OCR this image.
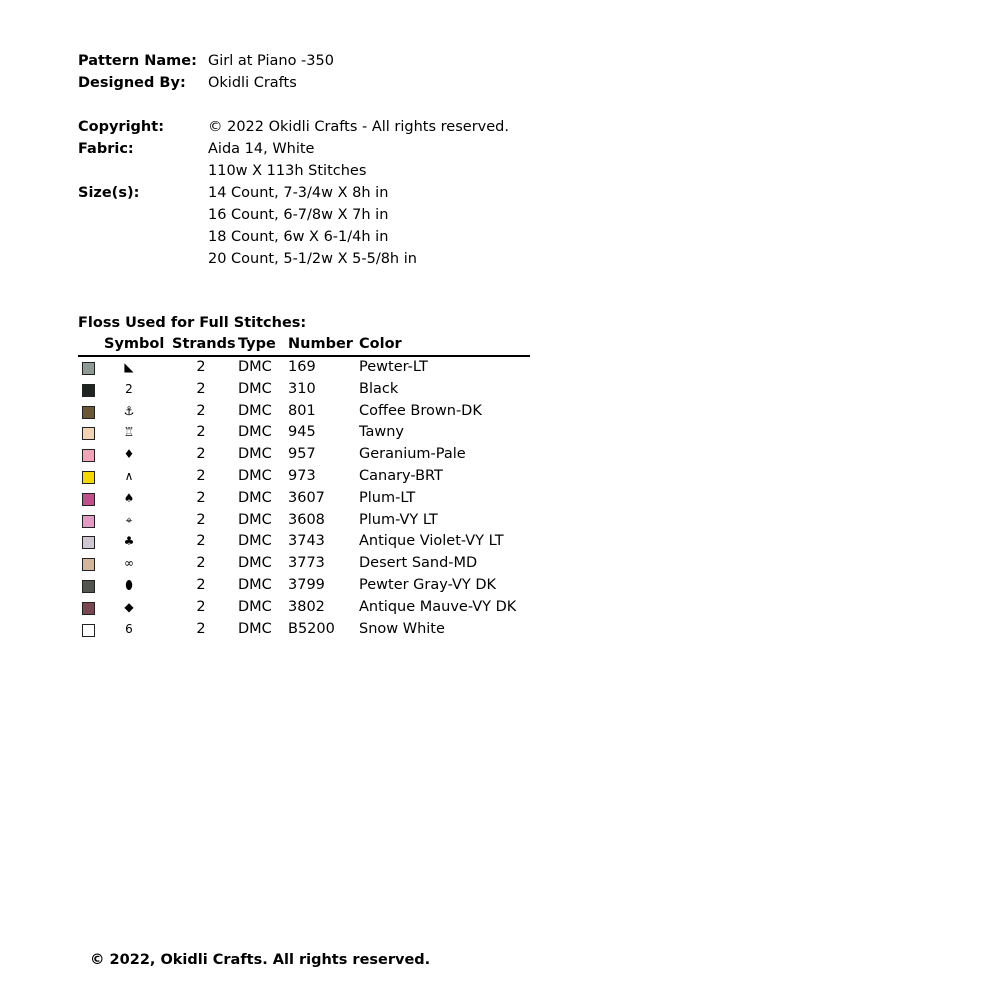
Pattern Name: Girl at Piano -350
Designed By: Okidli Crafts
Copyright:	© 2022 Okidli Crafts - All rights reserved.
Fabric:	Aida 14, White
110w X 113h Stitches
Size(s):	14 Count, 7-3/4w X 8h in
16 Count, 6-7/8w X 7h in
18 Count, 6w X 6-1/4h in
20 Count, 5-1/2w X 5-5/8h in
Floss Used for Full Stitches:
Symbol Strands Type Number Color
◣	2	DMC 169	Pewter-LT
2	2	DMC 310	Black
⚓	2	DMC 801	Coffee Brown-DK
♖	2	DMC 945	Tawny
♦	2	DMC 957	Geranium-Pale
∧	2	DMC 973	Canary-BRT
♠	2	DMC 3607 Plum-LT
⌖	2	DMC 3608 Plum-VY LT
♣	2	DMC 3743 Antique Violet-VY LT
∞	2	DMC 3773 Desert Sand-MD
⬮	2	DMC 3799 Pewter Gray-VY DK
◆	2	DMC 3802 Antique Mauve-VY DK
6	2	DMC B5200 Snow White
© 2022, Okidli Crafts. All rights reserved.
